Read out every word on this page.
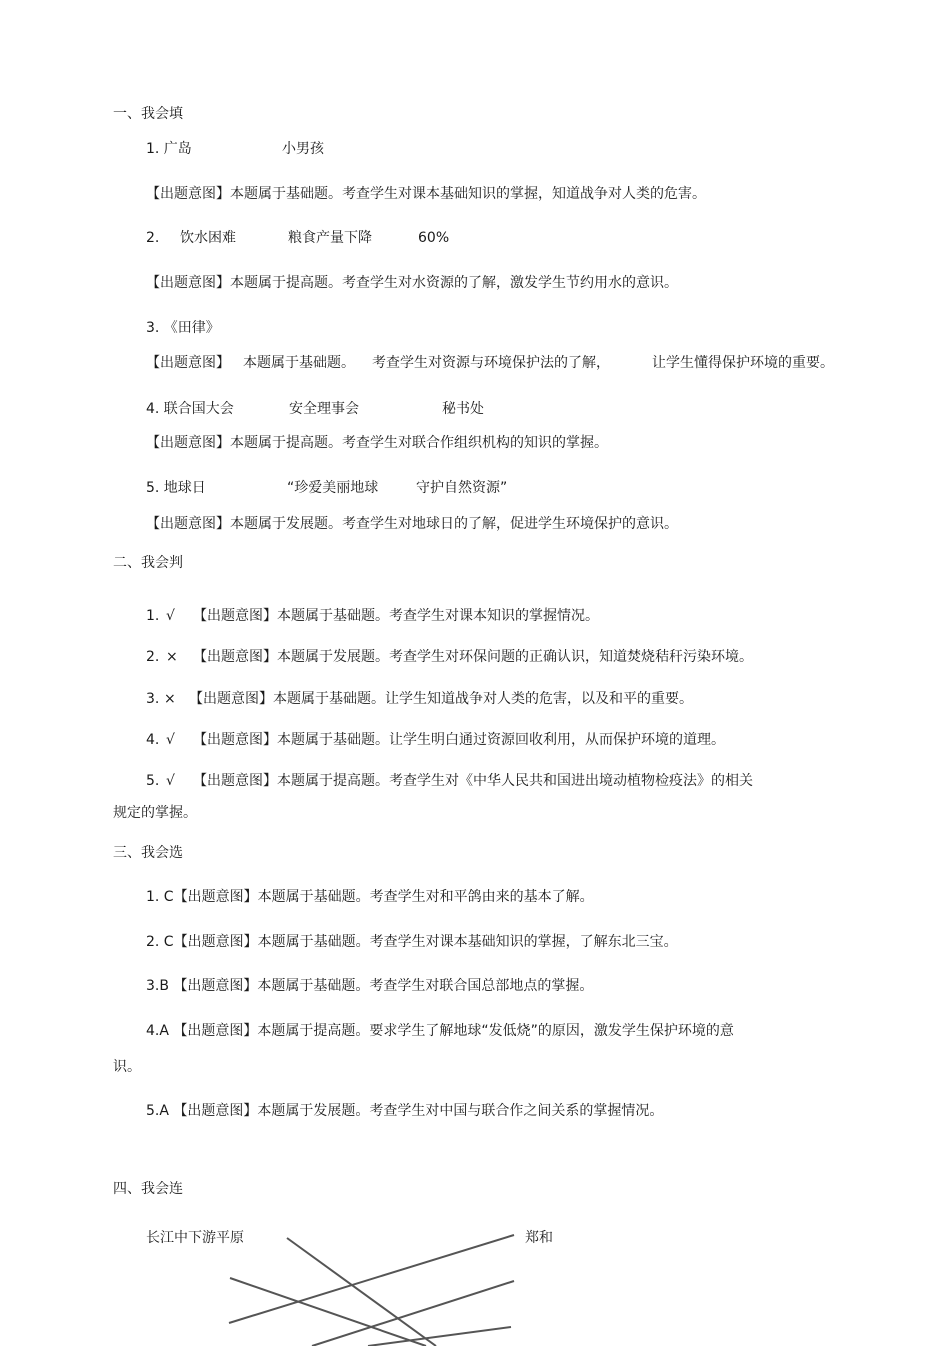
一、我会填
1. 广岛	小男孩
【出题意图】本题属于基础题。考查学生对课本基础知识的掌握，知道战争对人类的危害。
2. 饮水困难	粮食产量下降	60%
【出题意图】本题属于提高题。考查学生对水资源的了解，激发学生节约用水的意识。
3. 《田律》
【出题意图】 本题属于基础题。 考查学生对资源与环境保护法的了解，	让学生懂得保护环境的重要。
4. 联合国大会	安全理事会	秘书处
【出题意图】本题属于提高题。考查学生对联合作组织机构的知识的掌握。
5. 地球日	“珍爱美丽地球	守护自然资源”
【出题意图】本题属于发展题。考查学生对地球日的了解，促进学生环境保护的意识。
二、我会判
1. √ 【出题意图】本题属于基础题。考查学生对课本知识的掌握情况。
2. × 【出题意图】本题属于发展题。考查学生对环保问题的正确认识，知道焚烧秸秆污染环境。
3. × 【出题意图】本题属于基础题。让学生知道战争对人类的危害，以及和平的重要。
4. √ 【出题意图】本题属于基础题。让学生明白通过资源回收利用，从而保护环境的道理。
5. √ 【出题意图】本题属于提高题。考查学生对《中华人民共和国进出境动植物检疫法》的相关
规定的掌握。
三、我会选
1. C【出题意图】本题属于基础题。考查学生对和平鸽由来的基本了解。
2. C【出题意图】本题属于基础题。考查学生对课本基础知识的掌握，了解东北三宝。
3.B 【出题意图】本题属于基础题。考查学生对联合国总部地点的掌握。
4.A 【出题意图】本题属于提高题。要求学生了解地球“发低烧”的原因，激发学生保护环境的意
识。
5.A 【出题意图】本题属于发展题。考查学生对中国与联合作之间关系的掌握情况。
四、我会连
长江中下游平原	郑和
